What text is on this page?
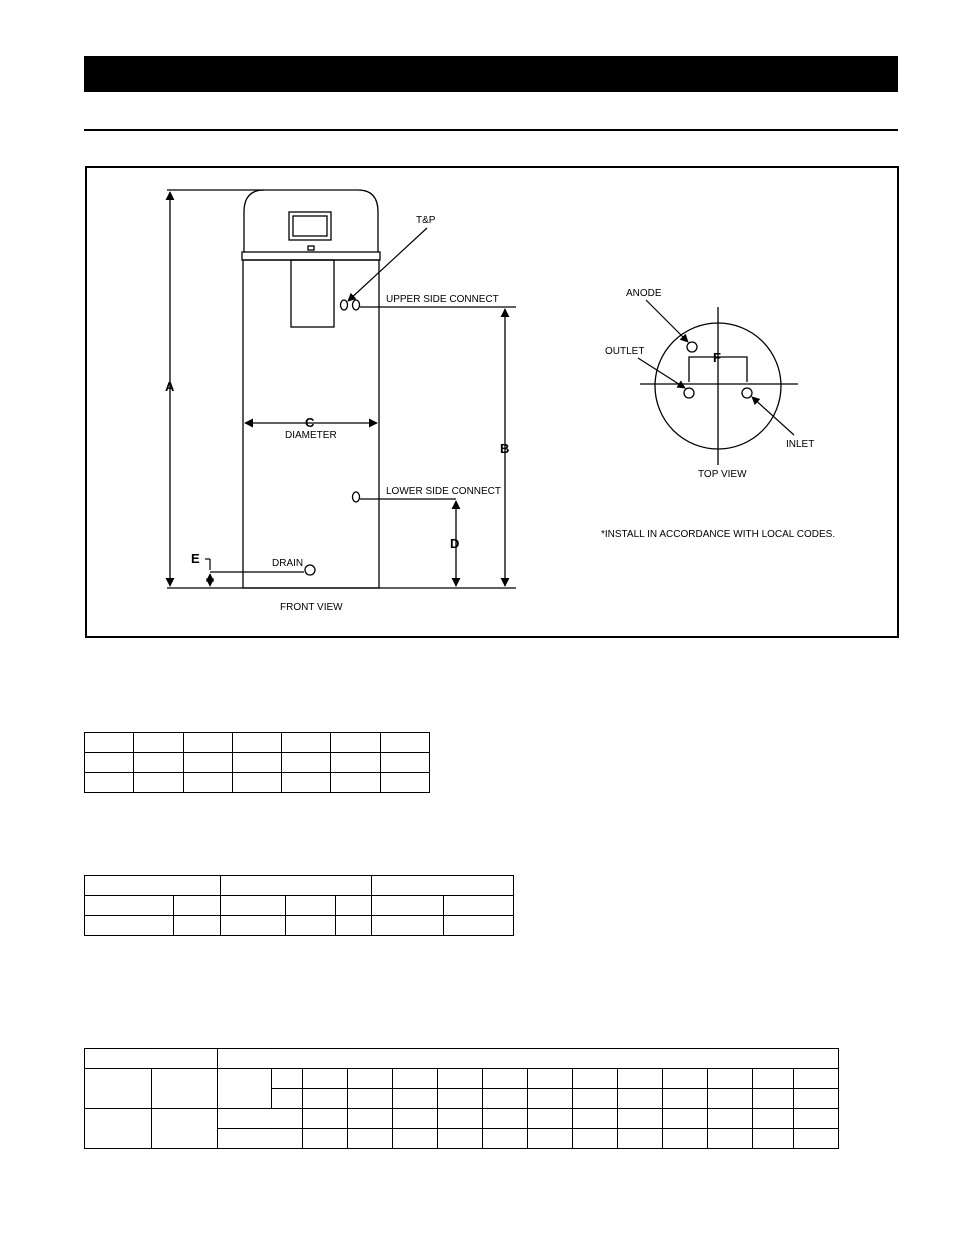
A
B
C
DIAMETER
D
E
T&P
UPPER SIDE CONNECT
LOWER SIDE CONNECT
DRAIN
FRONT VIEW
F
ANODE
OUTLET
INLET
TOP VIEW
*INSTALL IN ACCORDANCE WITH LOCAL CODES.
